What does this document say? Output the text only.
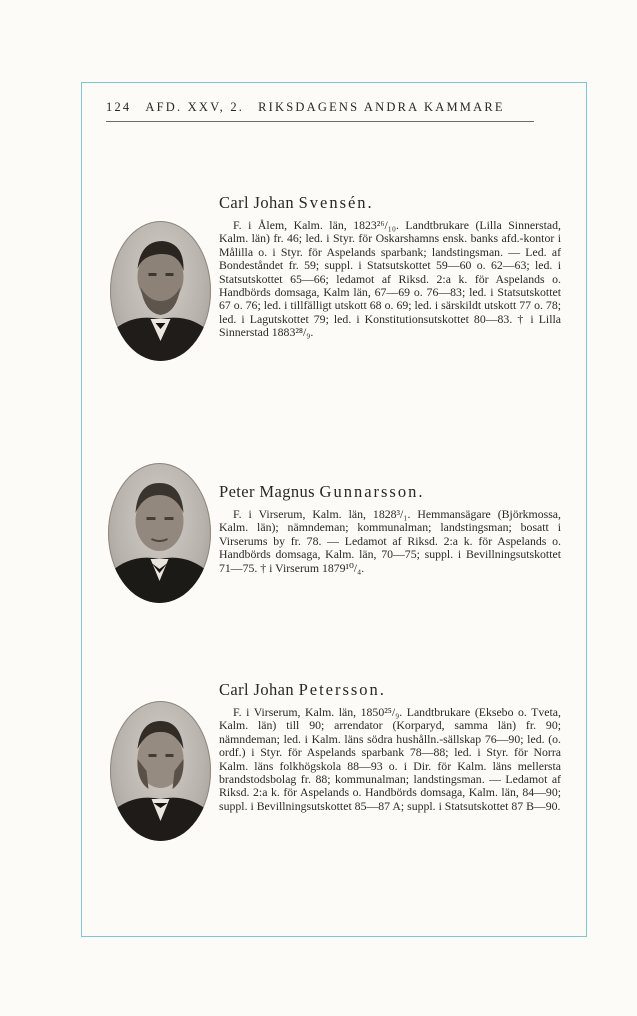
124 AFD. XXV, 2. RIKSDAGENS ANDRA KAMMARE
Carl Johan Svensén.

F. i Ålem, Kalm. län, 1823²⁶/₁₀. Landtbrukare (Lilla Sinnerstad, Kalm. län) fr. 46; led. i Styr. för Oskarshamns ensk. banks afd.-kontor i Målilla o. i Styr. för Aspelands sparbank; landstingsman. — Led. af Bondeståndet fr. 59; suppl. i Statsutskottet 59—60 o. 62—63; led. i Statsutskottet 65—66; ledamot af Riksd. 2:a k. för Aspelands o. Handbörds domsaga, Kalm län, 67—69 o. 76—83; led. i Statsutskottet 67 o. 76; led. i tillfälligt utskott 68 o. 69; led. i särskildt utskott 77 o. 78; led. i Lagutskottet 79; led. i Konstitutionsutskottet 80—83. † i Lilla Sinnerstad 1883²⁸/₉.

Peter Magnus Gunnarsson.

F. i Virserum, Kalm. län, 1828³/₁. Hemmansägare (Björkmossa, Kalm. län); nämndeman; kommunalman; landstingsman; bosatt i Virserums by fr. 78. — Ledamot af Riksd. 2:a k. för Aspelands o. Handbörds domsaga, Kalm. län, 70—75; suppl. i Bevillningsutskottet 71—75. † i Virserum 1879¹⁰/₄.

Carl Johan Petersson.

F. i Virserum, Kalm. län, 1850²⁵/₉. Landtbrukare (Eksebo o. Tveta, Kalm. län) till 90; arrendator (Korparyd, samma län) fr. 90; nämndeman; led. i Kalm. läns södra hushålln.-sällskap 76—90; led. (o. ordf.) i Styr. för Aspelands sparbank 78—88; led. i Styr. för Norra Kalm. läns folkhögskola 88—93 o. i Dir. för Kalm. läns mellersta brandstodsbolag fr. 88; kommunalman; landstingsman. — Ledamot af Riksd. 2:a k. för Aspelands o. Handbörds domsaga, Kalm. län, 84—90; suppl. i Bevillningsutskottet 85—87 A; suppl. i Statsutskottet 87 B—90.
